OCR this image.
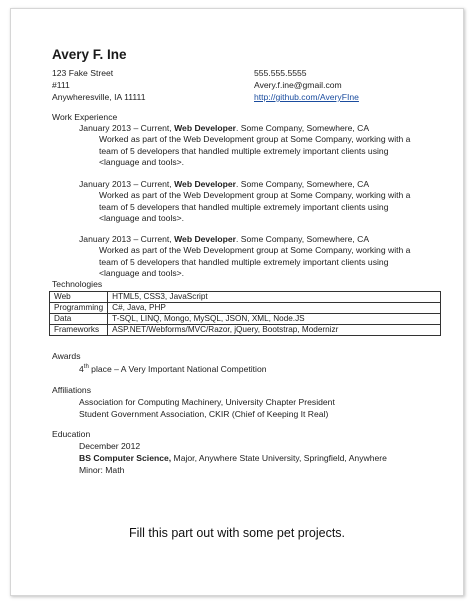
Avery F. Ine
123 Fake Street
#111
Anywheresville, IA 11111
555.555.5555
Avery.f.ine@gmail.com
http://github.com/AveryFIne
Work Experience
January 2013 – Current, Web Developer. Some Company, Somewhere, CA
Worked as part of the Web Development group at Some Company, working with a team of 5 developers that handled multiple extremely important clients using <language and tools>.
January 2013 – Current, Web Developer. Some Company, Somewhere, CA
Worked as part of the Web Development group at Some Company, working with a team of 5 developers that handled multiple extremely important clients using <language and tools>.
January 2013 – Current, Web Developer. Some Company, Somewhere, CA
Worked as part of the Web Development group at Some Company, working with a team of 5 developers that handled multiple extremely important clients using <language and tools>.
Technologies
Web	HTML5, CSS3, JavaScript
Programming	C#, Java, PHP
Data	T-SQL, LINQ, Mongo, MySQL, JSON, XML, Node.JS
Frameworks	ASP.NET/Webforms/MVC/Razor, jQuery, Bootstrap, Modernizr
Awards
4th place – A Very Important National Competition
Affiliations
Association for Computing Machinery, University Chapter President
Student Government Association, CKIR (Chief of Keeping It Real)
Education
December 2012
BS Computer Science, Major, Anywhere State University, Springfield, Anywhere
Minor: Math
Fill this part out with some pet projects.
